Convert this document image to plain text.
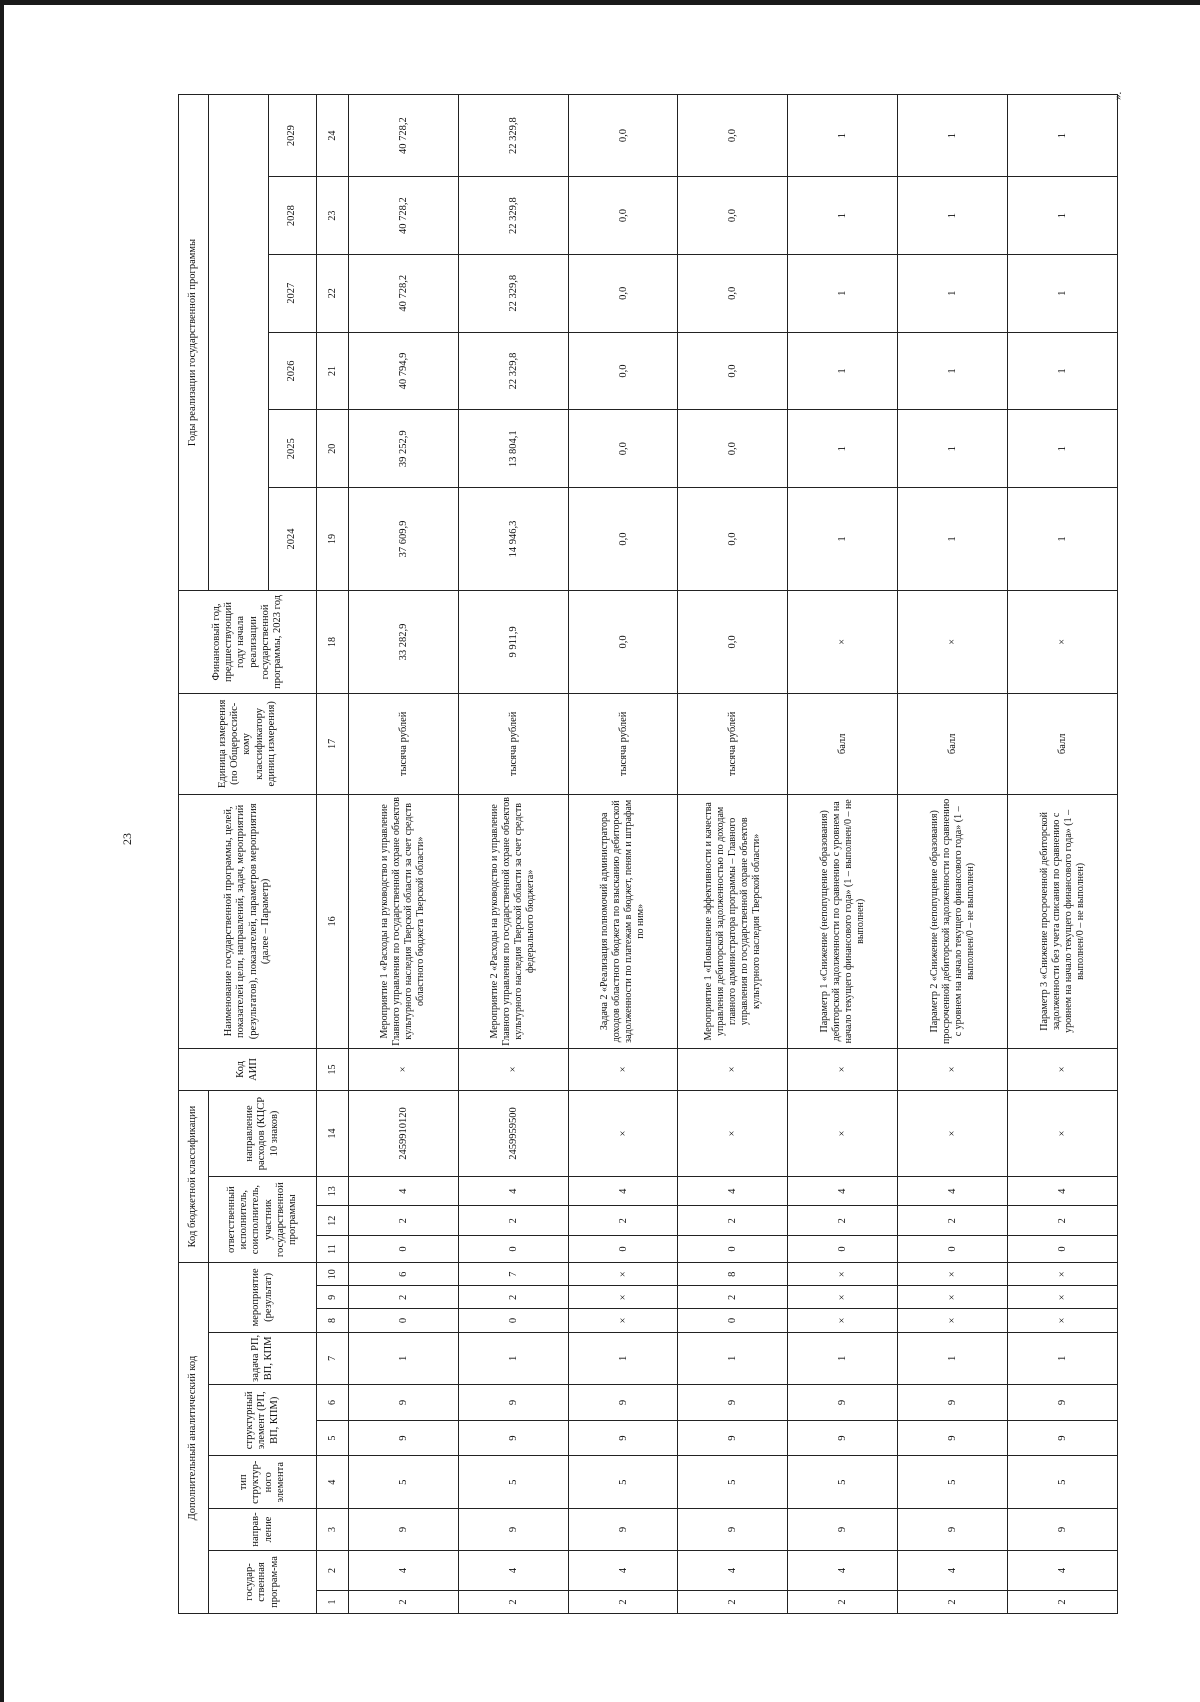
23
».
Дополнительный аналитический код										Код бюджетной классификации				Код АИП	Наименование государственной программы, целей, показателей цели, направлений, задач, мероприятий (результатов), показателей, параметров мероприятия (далее – Параметр)	Единица измерения (по Общероссийс-кому классификатору единиц измерения)	Финансовый год, предшествующий году начала реализации государственной программы, 2023 год	Годы реализации государственной программы					
государ-ственная програм-ма		направ-ление	тип структур-ного элемента	структурный элемент (РП, ВП, КПМ)		задача РП, ВП, КПМ	мероприятие (результат)			ответственный исполнитель, соисполнитель, участник государственной программы			направление расходов (КЦСР 10 знаков)										
																		2024	2025	2026	2027	2028	2029
1	2	3	4	5	6	7	8	9	10	11	12	13	14	15	16	17	18	19	20	21	22	23	24
2	4	9	5	9	9	1	0	2	6	0	2	4	2459910120	×	Мероприятие 1 «Расходы на руководство и управление Главного управления по государственной охране объектов культурного наследия Тверской области за счет средств областного бюджета Тверской области»	тысяча рублей	33 282,9	37 609,9	39 252,9	40 794,9	40 728,2	40 728,2	40 728,2
2	4	9	5	9	9	1	0	2	7	0	2	4	2459959500	×	Мероприятие 2 «Расходы на руководство и управление Главного управления по государственной охране объектов культурного наследия Тверской области за счет средств федерального бюджета»	тысяча рублей	9 911,9	14 946,3	13 804,1	22 329,8	22 329,8	22 329,8	22 329,8
2	4	9	5	9	9	1	×	×	×	0	2	4	×	×	Задача 2 «Реализация полномочий администратора доходов областного бюджета по взысканию дебиторской задолженности по платежам в бюджет, пеням и штрафам по ним»	тысяча рублей	0,0	0,0	0,0	0,0	0,0	0,0	0,0
2	4	9	5	9	9	1	0	2	8	0	2	4	×	×	Мероприятие 1 «Повышение эффективности и качества управления дебиторской задолженностью по доходам главного администратора программы – Главного управления по государственной охране объектов культурного наследия Тверской области»	тысяча рублей	0,0	0,0	0,0	0,0	0,0	0,0	0,0
2	4	9	5	9	9	1	×	×	×	0	2	4	×	×	Параметр 1 «Снижение (непопущение образования) дебиторской задолженности по сравнению с уровнем на начало текущего финансового года» (1 – выполнен/0 – не выполнен)	балл	×	1	1	1	1	1	1
2	4	9	5	9	9	1	×	×	×	0	2	4	×	×	Параметр 2 «Снижение (непопущение образования) просроченной дебиторской задолженности по сравнению с уровнем на начало текущего финансового года» (1 – выполнен/0 – не выполнен)	балл	×	1	1	1	1	1	1
2	4	9	5	9	9	1	×	×	×	0	2	4	×	×	Параметр 3 «Снижение просроченной дебиторской задолженности без учета списания по сравнению с уровнем на начало текущего финансового года» (1 – выполнен/0 – не выполнен)	балл	×	1	1	1	1	1	1
